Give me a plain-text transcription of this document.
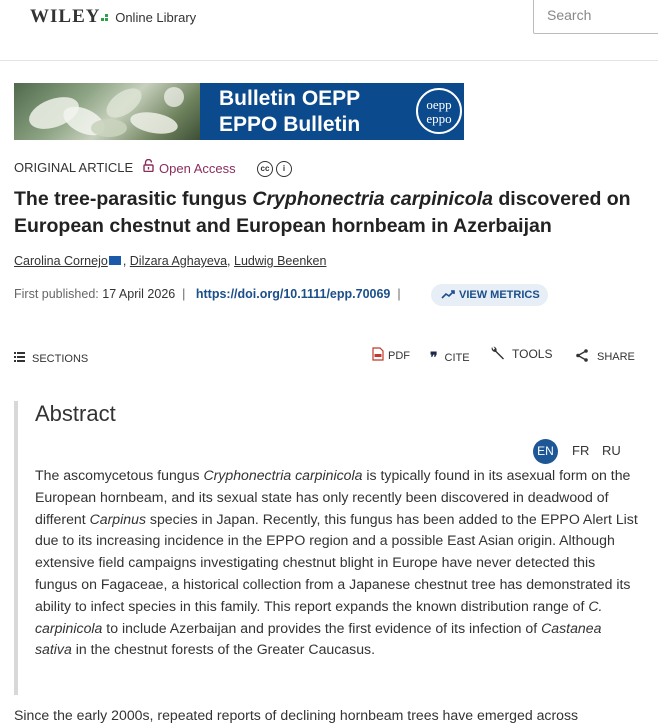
WILEY Online Library	Search
Bulletin OEPP
EPPO Bulletin
oepp
eppo
ORIGINAL ARTICLE Open Access	cc i
The tree-parasitic fungus Cryphonectria carpinicola discovered on European chestnut and European hornbeam in Azerbaijan
Carolina Cornejo , Dilzara Aghayeva, Ludwig Beenken
First published: 17 April 2026  |   https://doi.org/10.1111/epp.70069  |	VIEW METRICS
SECTIONS	PDF ❞ CITE	TOOLS	SHARE
Abstract
EN	FR RU
The ascomycetous fungus Cryphonectria carpinicola is typically found in its asexual form on the European hornbeam, and its sexual state has only recently been discovered in deadwood of different Carpinus species in Japan. Recently, this fungus has been added to the EPPO Alert List due to its increasing incidence in the EPPO region and a possible East Asian origin. Although extensive field campaigns investigating chestnut blight in Europe have never detected this fungus on Fagaceae, a historical collection from a Japanese chestnut tree has demonstrated its ability to infect species in this family. This report expands the known distribution range of C. carpinicola to include Azerbaijan and provides the first evidence of its infection of Castanea sativa in the chestnut forests of the Greater Caucasus.
Since the early 2000s, repeated reports of declining hornbeam trees have emerged across
